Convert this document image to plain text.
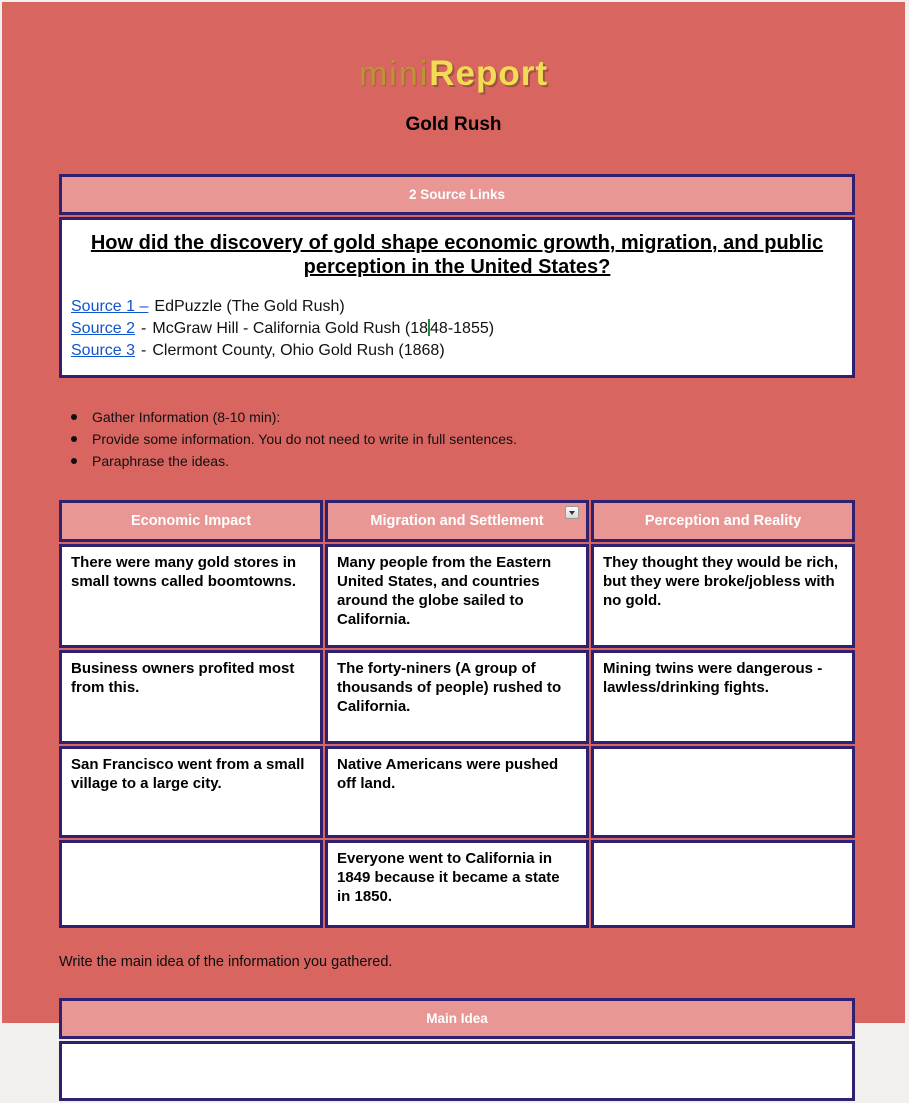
miniReport
Gold Rush
2 Source Links

How did the discovery of gold shape economic growth, migration, and public perception in the United States?
Source 1 – EdPuzzle (The Gold Rush)
Source 2 - McGraw Hill - California Gold Rush (18 48-1855)
Source 3 - Clermont County, Ohio Gold Rush (1868)
Gather Information (8-10 min):
Provide some information. You do not need to write in full sentences.
Paraphrase the ideas.
Economic Impact	Migration and Settlement	Perception and Reality
There were many gold stores in small towns called boomtowns.	Many people from the Eastern United States, and countries around the globe sailed to California.	They thought they would be rich, but they were broke/jobless with no gold.
Business owners profited most from this.	The forty-niners (A group of thousands of people) rushed to California.	Mining twins were dangerous - lawless/drinking fights.
San Francisco went from a small village to a large city.	Native Americans were pushed off land.	
	Everyone went to California in 1849 because it became a state in 1850.	
Write the main idea of the information you gathered.
Main Idea
